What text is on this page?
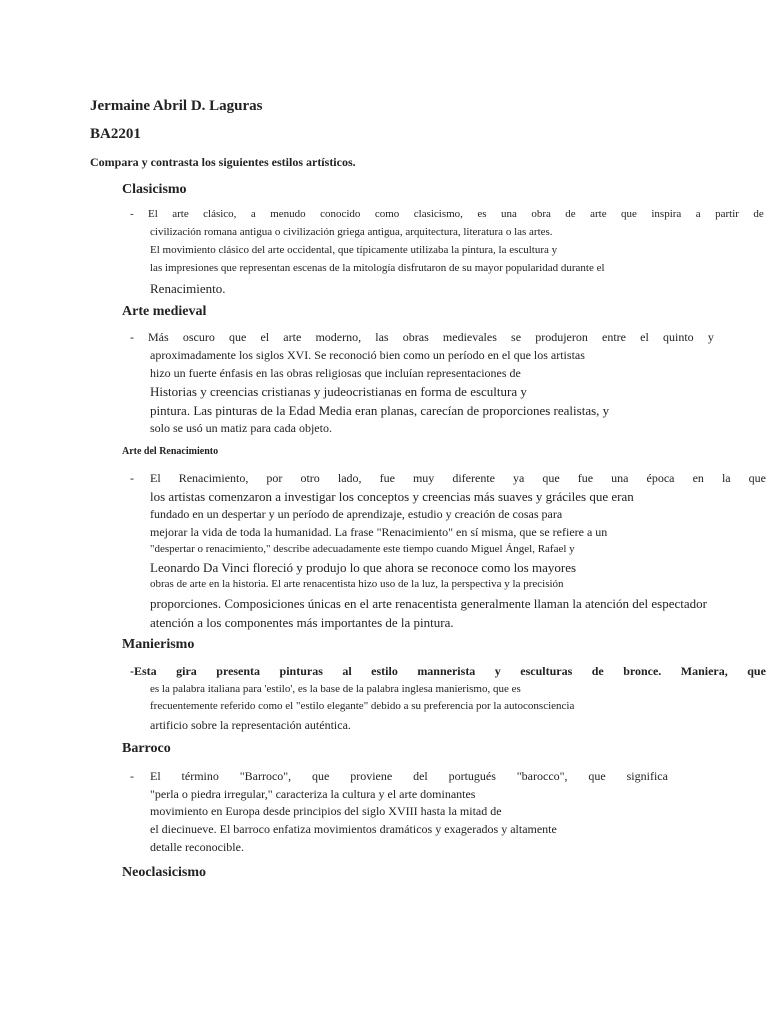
Jermaine Abril D. Laguras
BA2201
Compara y contrasta los siguientes estilos artísticos.
Clasicismo
- El arte clásico, a menudo conocido como clasicismo, es una obra de arte que inspira a partir de
civilización romana antigua o civilización griega antigua, arquitectura, literatura o las artes.
El movimiento clásico del arte occidental, que típicamente utilizaba la pintura, la escultura y
las impresiones que representan escenas de la mitología disfrutaron de su mayor popularidad durante el
Renacimiento.
Arte medieval
- Más oscuro que el arte moderno, las obras medievales se produjeron entre el quinto y
aproximadamente los siglos XVI. Se reconoció bien como un período en el que los artistas
hizo un fuerte énfasis en las obras religiosas que incluían representaciones de
Historias y creencias cristianas y judeocristianas en forma de escultura y
pintura. Las pinturas de la Edad Media eran planas, carecían de proporciones realistas, y
solo se usó un matiz para cada objeto.
Arte del Renacimiento
- El Renacimiento, por otro lado, fue muy diferente ya que fue una época en la que
los artistas comenzaron a investigar los conceptos y creencias más suaves y gráciles que eran
fundado en un despertar y un período de aprendizaje, estudio y creación de cosas para
mejorar la vida de toda la humanidad. La frase "Renacimiento" en sí misma, que se refiere a un
"despertar o renacimiento," describe adecuadamente este tiempo cuando Miguel Ángel, Rafael y
Leonardo Da Vinci floreció y produjo lo que ahora se reconoce como los mayores
obras de arte en la historia. El arte renacentista hizo uso de la luz, la perspectiva y la precisión
proporciones. Composiciones únicas en el arte renacentista generalmente llaman la atención del espectador
atención a los componentes más importantes de la pintura.
Manierismo
-Esta gira presenta pinturas al estilo mannerista y esculturas de bronce. Maniera, que
es la palabra italiana para 'estilo', es la base de la palabra inglesa manierismo, que es
frecuentemente referido como el "estilo elegante" debido a su preferencia por la autoconsciencia
artificio sobre la representación auténtica.
Barroco
- El término "Barroco", que proviene del portugués "barocco", que significa
"perla o piedra irregular," caracteriza la cultura y el arte dominantes
movimiento en Europa desde principios del siglo XVIII hasta la mitad de
el diecinueve. El barroco enfatiza movimientos dramáticos y exagerados y altamente
detalle reconocible.
Neoclasicismo
